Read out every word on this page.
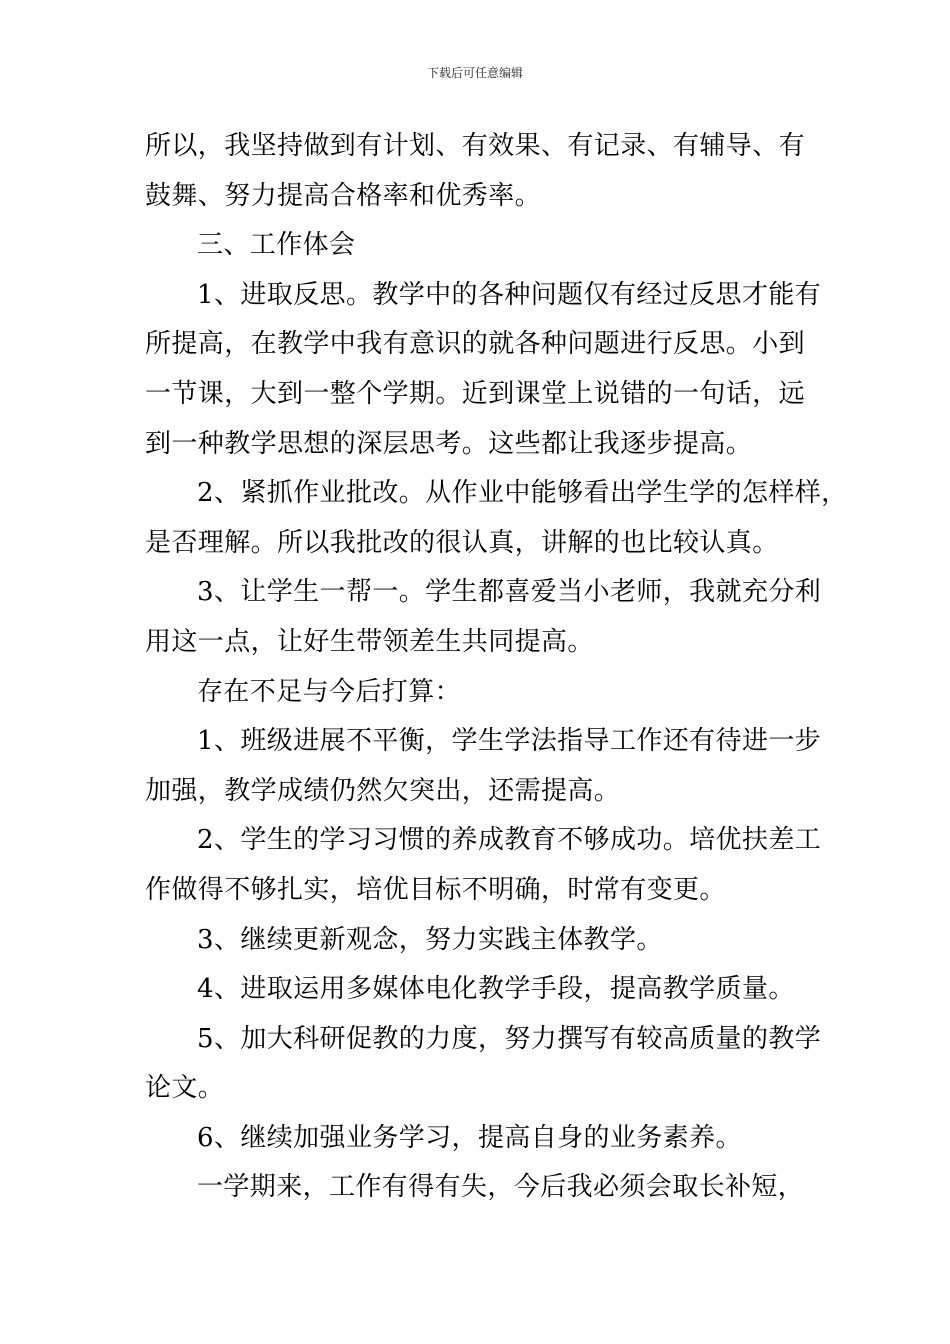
下载后可任意编辑
所以，我坚持做到有计划、有效果、有记录、有辅导、有
鼓舞、努力提高合格率和优秀率。
三、工作体会
1、进取反思。教学中的各种问题仅有经过反思才能有
所提高，在教学中我有意识的就各种问题进行反思。小到
一节课，大到一整个学期。近到课堂上说错的一句话，远
到一种教学思想的深层思考。这些都让我逐步提高。
2、紧抓作业批改。从作业中能够看出学生学的怎样样，
是否理解。所以我批改的很认真，讲解的也比较认真。
3、让学生一帮一。学生都喜爱当小老师，我就充分利
用这一点，让好生带领差生共同提高。
存在不足与今后打算：
1、班级进展不平衡，学生学法指导工作还有待进一步
加强，教学成绩仍然欠突出，还需提高。
2、学生的学习习惯的养成教育不够成功。培优扶差工
作做得不够扎实，培优目标不明确，时常有变更。
3、继续更新观念，努力实践主体教学。
4、进取运用多媒体电化教学手段，提高教学质量。
5、加大科研促教的力度，努力撰写有较高质量的教学
论文。
6、继续加强业务学习，提高自身的业务素养。
一学期来，工作有得有失，今后我必须会取长补短，
